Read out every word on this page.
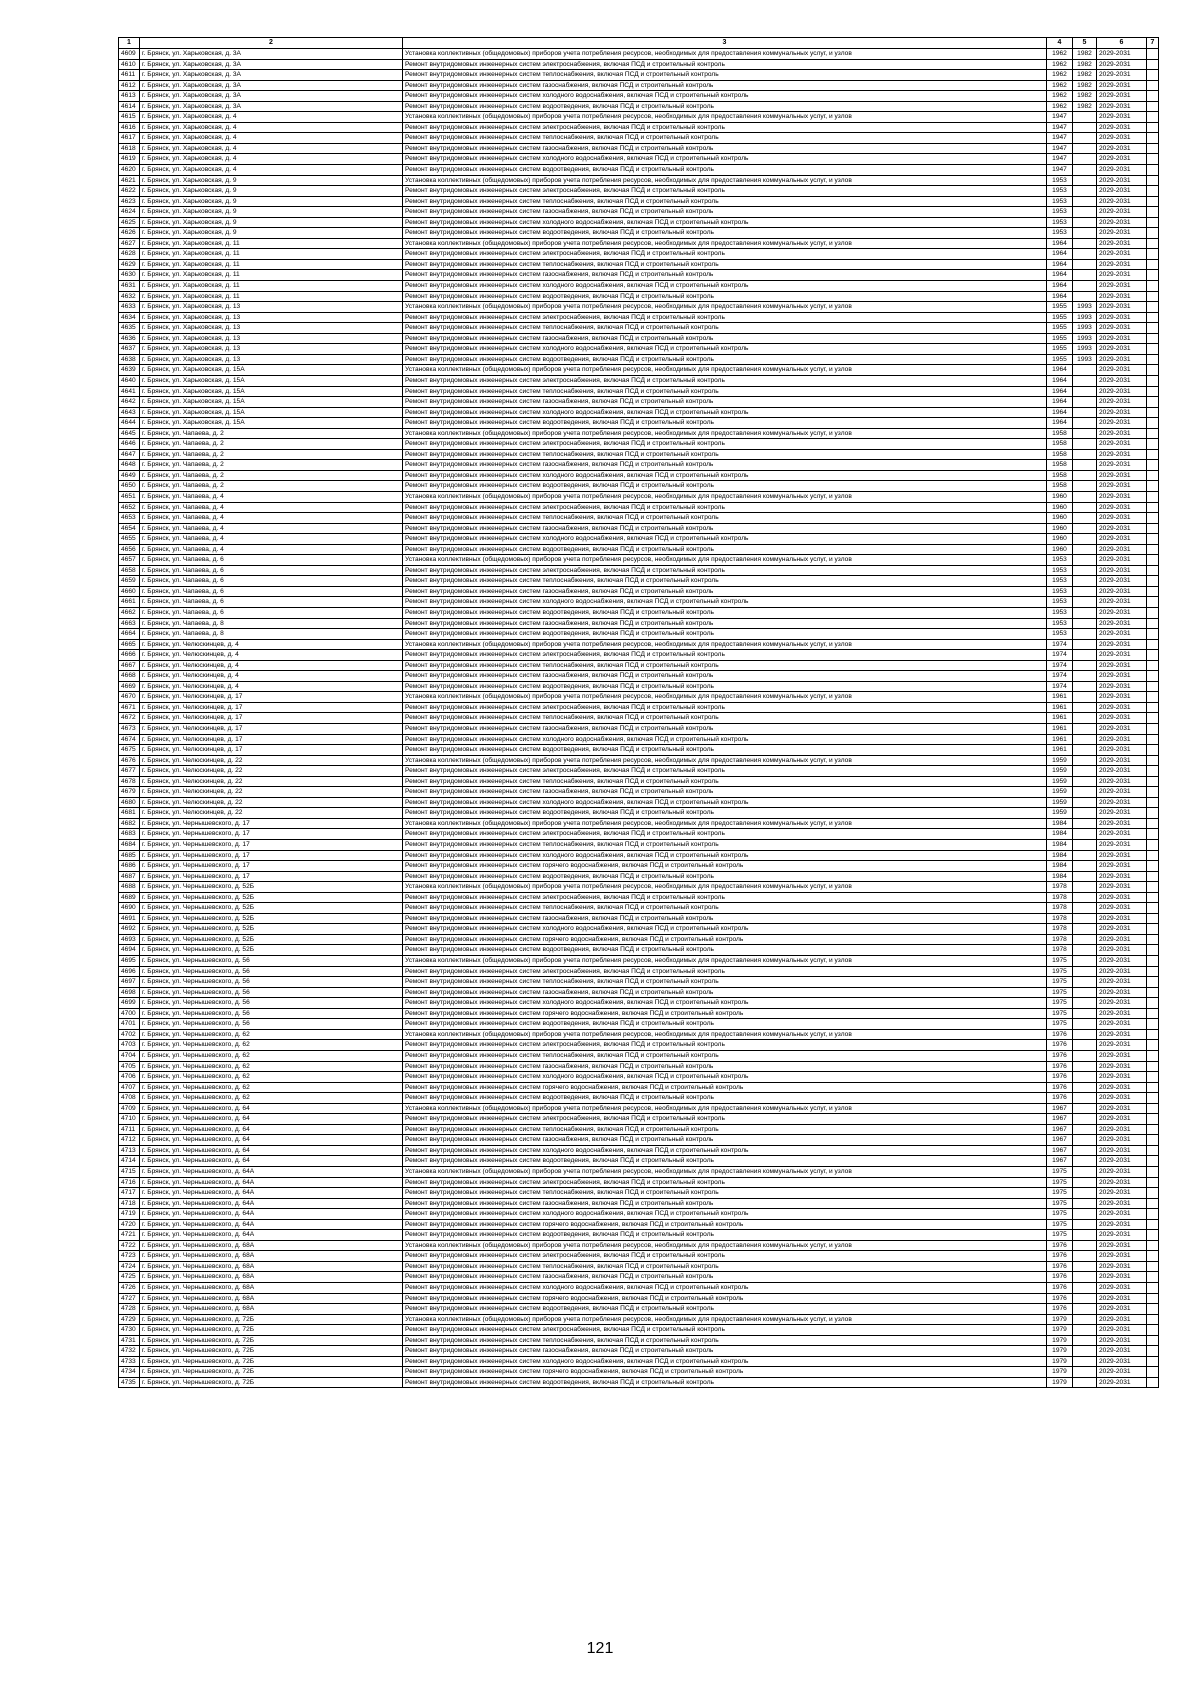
1	2	3	4	5	6	7
4609	г. Брянск, ул. Харьковская, д. 3А	Установка коллективных (общедомовых) приборов учета потребления ресурсов, необходимых для предоставления коммунальных услуг, и узлов	1962	1982	2029-2031	
4610	г. Брянск, ул. Харьковская, д. 3А	Ремонт внутридомовых инженерных систем электроснабжения, включая ПСД и строительный контроль	1962	1982	2029-2031	
4611	г. Брянск, ул. Харьковская, д. 3А	Ремонт внутридомовых инженерных систем теплоснабжения, включая ПСД и строительный контроль	1962	1982	2029-2031	
4612	г. Брянск, ул. Харьковская, д. 3А	Ремонт внутридомовых инженерных систем газоснабжения, включая ПСД и строительный контроль	1962	1982	2029-2031	
4613	г. Брянск, ул. Харьковская, д. 3А	Ремонт внутридомовых инженерных систем холодного водоснабжения, включая ПСД и строительный контроль	1962	1982	2029-2031	
4614	г. Брянск, ул. Харьковская, д. 3А	Ремонт внутридомовых инженерных систем водоотведения, включая ПСД и строительный контроль	1962	1982	2029-2031	
4615	г. Брянск, ул. Харьковская, д. 4	Установка коллективных (общедомовых) приборов учета потребления ресурсов, необходимых для предоставления коммунальных услуг, и узлов	1947		2029-2031	
4616	г. Брянск, ул. Харьковская, д. 4	Ремонт внутридомовых инженерных систем электроснабжения, включая ПСД и строительный контроль	1947		2029-2031	
4617	г. Брянск, ул. Харьковская, д. 4	Ремонт внутридомовых инженерных систем теплоснабжения, включая ПСД и строительный контроль	1947		2029-2031	
4618	г. Брянск, ул. Харьковская, д. 4	Ремонт внутридомовых инженерных систем газоснабжения, включая ПСД и строительный контроль	1947		2029-2031	
4619	г. Брянск, ул. Харьковская, д. 4	Ремонт внутридомовых инженерных систем холодного водоснабжения, включая ПСД и строительный контроль	1947		2029-2031	
4620	г. Брянск, ул. Харьковская, д. 4	Ремонт внутридомовых инженерных систем водоотведения, включая ПСД и строительный контроль	1947		2029-2031	
4621	г. Брянск, ул. Харьковская, д. 9	Установка коллективных (общедомовых) приборов учета потребления ресурсов, необходимых для предоставления коммунальных услуг, и узлов	1953		2029-2031	
4622	г. Брянск, ул. Харьковская, д. 9	Ремонт внутридомовых инженерных систем электроснабжения, включая ПСД и строительный контроль	1953		2029-2031	
4623	г. Брянск, ул. Харьковская, д. 9	Ремонт внутридомовых инженерных систем теплоснабжения, включая ПСД и строительный контроль	1953		2029-2031	
4624	г. Брянск, ул. Харьковская, д. 9	Ремонт внутридомовых инженерных систем газоснабжения, включая ПСД и строительный контроль	1953		2029-2031	
4625	г. Брянск, ул. Харьковская, д. 9	Ремонт внутридомовых инженерных систем холодного водоснабжения, включая ПСД и строительный контроль	1953		2029-2031	
4626	г. Брянск, ул. Харьковская, д. 9	Ремонт внутридомовых инженерных систем водоотведения, включая ПСД и строительный контроль	1953		2029-2031	
4627	г. Брянск, ул. Харьковская, д. 11	Установка коллективных (общедомовых) приборов учета потребления ресурсов, необходимых для предоставления коммунальных услуг, и узлов	1964		2029-2031	
4628	г. Брянск, ул. Харьковская, д. 11	Ремонт внутридомовых инженерных систем электроснабжения, включая ПСД и строительный контроль	1964		2029-2031	
4629	г. Брянск, ул. Харьковская, д. 11	Ремонт внутридомовых инженерных систем теплоснабжения, включая ПСД и строительный контроль	1964		2029-2031	
4630	г. Брянск, ул. Харьковская, д. 11	Ремонт внутридомовых инженерных систем газоснабжения, включая ПСД и строительный контроль	1964		2029-2031	
4631	г. Брянск, ул. Харьковская, д. 11	Ремонт внутридомовых инженерных систем холодного водоснабжения, включая ПСД и строительный контроль	1964		2029-2031	
4632	г. Брянск, ул. Харьковская, д. 11	Ремонт внутридомовых инженерных систем водоотведения, включая ПСД и строительный контроль	1964		2029-2031	
4633	г. Брянск, ул. Харьковская, д. 13	Установка коллективных (общедомовых) приборов учета потребления ресурсов, необходимых для предоставления коммунальных услуг, и узлов	1955	1993	2029-2031	
4634	г. Брянск, ул. Харьковская, д. 13	Ремонт внутридомовых инженерных систем электроснабжения, включая ПСД и строительный контроль	1955	1993	2029-2031	
4635	г. Брянск, ул. Харьковская, д. 13	Ремонт внутридомовых инженерных систем теплоснабжения, включая ПСД и строительный контроль	1955	1993	2029-2031	
4636	г. Брянск, ул. Харьковская, д. 13	Ремонт внутридомовых инженерных систем газоснабжения, включая ПСД и строительный контроль	1955	1993	2029-2031	
4637	г. Брянск, ул. Харьковская, д. 13	Ремонт внутридомовых инженерных систем холодного водоснабжения, включая ПСД и строительный контроль	1955	1993	2029-2031	
4638	г. Брянск, ул. Харьковская, д. 13	Ремонт внутридомовых инженерных систем водоотведения, включая ПСД и строительный контроль	1955	1993	2029-2031	
4639	г. Брянск, ул. Харьковская, д. 15А	Установка коллективных (общедомовых) приборов учета потребления ресурсов, необходимых для предоставления коммунальных услуг, и узлов	1964		2029-2031	
4640	г. Брянск, ул. Харьковская, д. 15А	Ремонт внутридомовых инженерных систем электроснабжения, включая ПСД и строительный контроль	1964		2029-2031	
4641	г. Брянск, ул. Харьковская, д. 15А	Ремонт внутридомовых инженерных систем теплоснабжения, включая ПСД и строительный контроль	1964		2029-2031	
4642	г. Брянск, ул. Харьковская, д. 15А	Ремонт внутридомовых инженерных систем газоснабжения, включая ПСД и строительный контроль	1964		2029-2031	
4643	г. Брянск, ул. Харьковская, д. 15А	Ремонт внутридомовых инженерных систем холодного водоснабжения, включая ПСД и строительный контроль	1964		2029-2031	
4644	г. Брянск, ул. Харьковская, д. 15А	Ремонт внутридомовых инженерных систем водоотведения, включая ПСД и строительный контроль	1964		2029-2031	
4645	г. Брянск, ул. Чапаева, д. 2	Установка коллективных (общедомовых) приборов учета потребления ресурсов, необходимых для предоставления коммунальных услуг, и узлов	1958		2029-2031	
4646	г. Брянск, ул. Чапаева, д. 2	Ремонт внутридомовых инженерных систем электроснабжения, включая ПСД и строительный контроль	1958		2029-2031	
4647	г. Брянск, ул. Чапаева, д. 2	Ремонт внутридомовых инженерных систем теплоснабжения, включая ПСД и строительный контроль	1958		2029-2031	
4648	г. Брянск, ул. Чапаева, д. 2	Ремонт внутридомовых инженерных систем газоснабжения, включая ПСД и строительный контроль	1958		2029-2031	
4649	г. Брянск, ул. Чапаева, д. 2	Ремонт внутридомовых инженерных систем холодного водоснабжения, включая ПСД и строительный контроль	1958		2029-2031	
4650	г. Брянск, ул. Чапаева, д. 2	Ремонт внутридомовых инженерных систем водоотведения, включая ПСД и строительный контроль	1958		2029-2031	
4651	г. Брянск, ул. Чапаева, д. 4	Установка коллективных (общедомовых) приборов учета потребления ресурсов, необходимых для предоставления коммунальных услуг, и узлов	1960		2029-2031	
4652	г. Брянск, ул. Чапаева, д. 4	Ремонт внутридомовых инженерных систем электроснабжения, включая ПСД и строительный контроль	1960		2029-2031	
4653	г. Брянск, ул. Чапаева, д. 4	Ремонт внутридомовых инженерных систем теплоснабжения, включая ПСД и строительный контроль	1960		2029-2031	
4654	г. Брянск, ул. Чапаева, д. 4	Ремонт внутридомовых инженерных систем газоснабжения, включая ПСД и строительный контроль	1960		2029-2031	
4655	г. Брянск, ул. Чапаева, д. 4	Ремонт внутридомовых инженерных систем холодного водоснабжения, включая ПСД и строительный контроль	1960		2029-2031	
4656	г. Брянск, ул. Чапаева, д. 4	Ремонт внутридомовых инженерных систем водоотведения, включая ПСД и строительный контроль	1960		2029-2031	
4657	г. Брянск, ул. Чапаева, д. 6	Установка коллективных (общедомовых) приборов учета потребления ресурсов, необходимых для предоставления коммунальных услуг, и узлов	1953		2029-2031	
4658	г. Брянск, ул. Чапаева, д. 6	Ремонт внутридомовых инженерных систем электроснабжения, включая ПСД и строительный контроль	1953		2029-2031	
4659	г. Брянск, ул. Чапаева, д. 6	Ремонт внутридомовых инженерных систем теплоснабжения, включая ПСД и строительный контроль	1953		2029-2031	
4660	г. Брянск, ул. Чапаева, д. 6	Ремонт внутридомовых инженерных систем газоснабжения, включая ПСД и строительный контроль	1953		2029-2031	
4661	г. Брянск, ул. Чапаева, д. 6	Ремонт внутридомовых инженерных систем холодного водоснабжения, включая ПСД и строительный контроль	1953		2029-2031	
4662	г. Брянск, ул. Чапаева, д. 6	Ремонт внутридомовых инженерных систем водоотведения, включая ПСД и строительный контроль	1953		2029-2031	
4663	г. Брянск, ул. Чапаева, д. 8	Ремонт внутридомовых инженерных систем газоснабжения, включая ПСД и строительный контроль	1953		2029-2031	
4664	г. Брянск, ул. Чапаева, д. 8	Ремонт внутридомовых инженерных систем водоотведения, включая ПСД и строительный контроль	1953		2029-2031	
4665	г. Брянск, ул. Челюскинцев, д. 4	Установка коллективных (общедомовых) приборов учета потребления ресурсов, необходимых для предоставления коммунальных услуг, и узлов	1974		2029-2031	
4666	г. Брянск, ул. Челюскинцев, д. 4	Ремонт внутридомовых инженерных систем электроснабжения, включая ПСД и строительный контроль	1974		2029-2031	
4667	г. Брянск, ул. Челюскинцев, д. 4	Ремонт внутридомовых инженерных систем теплоснабжения, включая ПСД и строительный контроль	1974		2029-2031	
4668	г. Брянск, ул. Челюскинцев, д. 4	Ремонт внутридомовых инженерных систем газоснабжения, включая ПСД и строительный контроль	1974		2029-2031	
4669	г. Брянск, ул. Челюскинцев, д. 4	Ремонт внутридомовых инженерных систем водоотведения, включая ПСД и строительный контроль	1974		2029-2031	
4670	г. Брянск, ул. Челюскинцев, д. 17	Установка коллективных (общедомовых) приборов учета потребления ресурсов, необходимых для предоставления коммунальных услуг, и узлов	1961		2029-2031	
4671	г. Брянск, ул. Челюскинцев, д. 17	Ремонт внутридомовых инженерных систем электроснабжения, включая ПСД и строительный контроль	1961		2029-2031	
4672	г. Брянск, ул. Челюскинцев, д. 17	Ремонт внутридомовых инженерных систем теплоснабжения, включая ПСД и строительный контроль	1961		2029-2031	
4673	г. Брянск, ул. Челюскинцев, д. 17	Ремонт внутридомовых инженерных систем газоснабжения, включая ПСД и строительный контроль	1961		2029-2031	
4674	г. Брянск, ул. Челюскинцев, д. 17	Ремонт внутридомовых инженерных систем холодного водоснабжения, включая ПСД и строительный контроль	1961		2029-2031	
4675	г. Брянск, ул. Челюскинцев, д. 17	Ремонт внутридомовых инженерных систем водоотведения, включая ПСД и строительный контроль	1961		2029-2031	
4676	г. Брянск, ул. Челюскинцев, д. 22	Установка коллективных (общедомовых) приборов учета потребления ресурсов, необходимых для предоставления коммунальных услуг, и узлов	1959		2029-2031	
4677	г. Брянск, ул. Челюскинцев, д. 22	Ремонт внутридомовых инженерных систем электроснабжения, включая ПСД и строительный контроль	1959		2029-2031	
4678	г. Брянск, ул. Челюскинцев, д. 22	Ремонт внутридомовых инженерных систем теплоснабжения, включая ПСД и строительный контроль	1959		2029-2031	
4679	г. Брянск, ул. Челюскинцев, д. 22	Ремонт внутридомовых инженерных систем газоснабжения, включая ПСД и строительный контроль	1959		2029-2031	
4680	г. Брянск, ул. Челюскинцев, д. 22	Ремонт внутридомовых инженерных систем холодного водоснабжения, включая ПСД и строительный контроль	1959		2029-2031	
4681	г. Брянск, ул. Челюскинцев, д. 22	Ремонт внутридомовых инженерных систем водоотведения, включая ПСД и строительный контроль	1959		2029-2031	
4682	г. Брянск, ул. Чернышевского, д. 17	Установка коллективных (общедомовых) приборов учета потребления ресурсов, необходимых для предоставления коммунальных услуг, и узлов	1984		2029-2031	
4683	г. Брянск, ул. Чернышевского, д. 17	Ремонт внутридомовых инженерных систем электроснабжения, включая ПСД и строительный контроль	1984		2029-2031	
4684	г. Брянск, ул. Чернышевского, д. 17	Ремонт внутридомовых инженерных систем теплоснабжения, включая ПСД и строительный контроль	1984		2029-2031	
4685	г. Брянск, ул. Чернышевского, д. 17	Ремонт внутридомовых инженерных систем холодного водоснабжения, включая ПСД и строительный контроль	1984		2029-2031	
4686	г. Брянск, ул. Чернышевского, д. 17	Ремонт внутридомовых инженерных систем горячего водоснабжения, включая ПСД и строительный контроль	1984		2029-2031	
4687	г. Брянск, ул. Чернышевского, д. 17	Ремонт внутридомовых инженерных систем водоотведения, включая ПСД и строительный контроль	1984		2029-2031	
4688	г. Брянск, ул. Чернышевского, д. 52Б	Установка коллективных (общедомовых) приборов учета потребления ресурсов, необходимых для предоставления коммунальных услуг, и узлов	1978		2029-2031	
4689	г. Брянск, ул. Чернышевского, д. 52Б	Ремонт внутридомовых инженерных систем электроснабжения, включая ПСД и строительный контроль	1978		2029-2031	
4690	г. Брянск, ул. Чернышевского, д. 52Б	Ремонт внутридомовых инженерных систем теплоснабжения, включая ПСД и строительный контроль	1978		2029-2031	
4691	г. Брянск, ул. Чернышевского, д. 52Б	Ремонт внутридомовых инженерных систем газоснабжения, включая ПСД и строительный контроль	1978		2029-2031	
4692	г. Брянск, ул. Чернышевского, д. 52Б	Ремонт внутридомовых инженерных систем холодного водоснабжения, включая ПСД и строительный контроль	1978		2029-2031	
4693	г. Брянск, ул. Чернышевского, д. 52Б	Ремонт внутридомовых инженерных систем горячего водоснабжения, включая ПСД и строительный контроль	1978		2029-2031	
4694	г. Брянск, ул. Чернышевского, д. 52Б	Ремонт внутридомовых инженерных систем водоотведения, включая ПСД и строительный контроль	1978		2029-2031	
4695	г. Брянск, ул. Чернышевского, д. 56	Установка коллективных (общедомовых) приборов учета потребления ресурсов, необходимых для предоставления коммунальных услуг, и узлов	1975		2029-2031	
4696	г. Брянск, ул. Чернышевского, д. 56	Ремонт внутридомовых инженерных систем электроснабжения, включая ПСД и строительный контроль	1975		2029-2031	
4697	г. Брянск, ул. Чернышевского, д. 56	Ремонт внутридомовых инженерных систем теплоснабжения, включая ПСД и строительный контроль	1975		2029-2031	
4698	г. Брянск, ул. Чернышевского, д. 56	Ремонт внутридомовых инженерных систем газоснабжения, включая ПСД и строительный контроль	1975		2029-2031	
4699	г. Брянск, ул. Чернышевского, д. 56	Ремонт внутридомовых инженерных систем холодного водоснабжения, включая ПСД и строительный контроль	1975		2029-2031	
4700	г. Брянск, ул. Чернышевского, д. 56	Ремонт внутридомовых инженерных систем горячего водоснабжения, включая ПСД и строительный контроль	1975		2029-2031	
4701	г. Брянск, ул. Чернышевского, д. 56	Ремонт внутридомовых инженерных систем водоотведения, включая ПСД и строительный контроль	1975		2029-2031	
4702	г. Брянск, ул. Чернышевского, д. 62	Установка коллективных (общедомовых) приборов учета потребления ресурсов, необходимых для предоставления коммунальных услуг, и узлов	1976		2029-2031	
4703	г. Брянск, ул. Чернышевского, д. 62	Ремонт внутридомовых инженерных систем электроснабжения, включая ПСД и строительный контроль	1976		2029-2031	
4704	г. Брянск, ул. Чернышевского, д. 62	Ремонт внутридомовых инженерных систем теплоснабжения, включая ПСД и строительный контроль	1976		2029-2031	
4705	г. Брянск, ул. Чернышевского, д. 62	Ремонт внутридомовых инженерных систем газоснабжения, включая ПСД и строительный контроль	1976		2029-2031	
4706	г. Брянск, ул. Чернышевского, д. 62	Ремонт внутридомовых инженерных систем холодного водоснабжения, включая ПСД и строительный контроль	1976		2029-2031	
4707	г. Брянск, ул. Чернышевского, д. 62	Ремонт внутридомовых инженерных систем горячего водоснабжения, включая ПСД и строительный контроль	1976		2029-2031	
4708	г. Брянск, ул. Чернышевского, д. 62	Ремонт внутридомовых инженерных систем водоотведения, включая ПСД и строительный контроль	1976		2029-2031	
4709	г. Брянск, ул. Чернышевского, д. 64	Установка коллективных (общедомовых) приборов учета потребления ресурсов, необходимых для предоставления коммунальных услуг, и узлов	1967		2029-2031	
4710	г. Брянск, ул. Чернышевского, д. 64	Ремонт внутридомовых инженерных систем электроснабжения, включая ПСД и строительный контроль	1967		2029-2031	
4711	г. Брянск, ул. Чернышевского, д. 64	Ремонт внутридомовых инженерных систем теплоснабжения, включая ПСД и строительный контроль	1967		2029-2031	
4712	г. Брянск, ул. Чернышевского, д. 64	Ремонт внутридомовых инженерных систем газоснабжения, включая ПСД и строительный контроль	1967		2029-2031	
4713	г. Брянск, ул. Чернышевского, д. 64	Ремонт внутридомовых инженерных систем холодного водоснабжения, включая ПСД и строительный контроль	1967		2029-2031	
4714	г. Брянск, ул. Чернышевского, д. 64	Ремонт внутридомовых инженерных систем водоотведения, включая ПСД и строительный контроль	1967		2029-2031	
4715	г. Брянск, ул. Чернышевского, д. 64А	Установка коллективных (общедомовых) приборов учета потребления ресурсов, необходимых для предоставления коммунальных услуг, и узлов	1975		2029-2031	
4716	г. Брянск, ул. Чернышевского, д. 64А	Ремонт внутридомовых инженерных систем электроснабжения, включая ПСД и строительный контроль	1975		2029-2031	
4717	г. Брянск, ул. Чернышевского, д. 64А	Ремонт внутридомовых инженерных систем теплоснабжения, включая ПСД и строительный контроль	1975		2029-2031	
4718	г. Брянск, ул. Чернышевского, д. 64А	Ремонт внутридомовых инженерных систем газоснабжения, включая ПСД и строительный контроль	1975		2029-2031	
4719	г. Брянск, ул. Чернышевского, д. 64А	Ремонт внутридомовых инженерных систем холодного водоснабжения, включая ПСД и строительный контроль	1975		2029-2031	
4720	г. Брянск, ул. Чернышевского, д. 64А	Ремонт внутридомовых инженерных систем горячего водоснабжения, включая ПСД и строительный контроль	1975		2029-2031	
4721	г. Брянск, ул. Чернышевского, д. 64А	Ремонт внутридомовых инженерных систем водоотведения, включая ПСД и строительный контроль	1975		2029-2031	
4722	г. Брянск, ул. Чернышевского, д. 68А	Установка коллективных (общедомовых) приборов учета потребления ресурсов, необходимых для предоставления коммунальных услуг, и узлов	1976		2029-2031	
4723	г. Брянск, ул. Чернышевского, д. 68А	Ремонт внутридомовых инженерных систем электроснабжения, включая ПСД и строительный контроль	1976		2029-2031	
4724	г. Брянск, ул. Чернышевского, д. 68А	Ремонт внутридомовых инженерных систем теплоснабжения, включая ПСД и строительный контроль	1976		2029-2031	
4725	г. Брянск, ул. Чернышевского, д. 68А	Ремонт внутридомовых инженерных систем газоснабжения, включая ПСД и строительный контроль	1976		2029-2031	
4726	г. Брянск, ул. Чернышевского, д. 68А	Ремонт внутридомовых инженерных систем холодного водоснабжения, включая ПСД и строительный контроль	1976		2029-2031	
4727	г. Брянск, ул. Чернышевского, д. 68А	Ремонт внутридомовых инженерных систем горячего водоснабжения, включая ПСД и строительный контроль	1976		2029-2031	
4728	г. Брянск, ул. Чернышевского, д. 68А	Ремонт внутридомовых инженерных систем водоотведения, включая ПСД и строительный контроль	1976		2029-2031	
4729	г. Брянск, ул. Чернышевского, д. 72Б	Установка коллективных (общедомовых) приборов учета потребления ресурсов, необходимых для предоставления коммунальных услуг, и узлов	1979		2029-2031	
4730	г. Брянск, ул. Чернышевского, д. 72Б	Ремонт внутридомовых инженерных систем электроснабжения, включая ПСД и строительный контроль	1979		2029-2031	
4731	г. Брянск, ул. Чернышевского, д. 72Б	Ремонт внутридомовых инженерных систем теплоснабжения, включая ПСД и строительный контроль	1979		2029-2031	
4732	г. Брянск, ул. Чернышевского, д. 72Б	Ремонт внутридомовых инженерных систем газоснабжения, включая ПСД и строительный контроль	1979		2029-2031	
4733	г. Брянск, ул. Чернышевского, д. 72Б	Ремонт внутридомовых инженерных систем холодного водоснабжения, включая ПСД и строительный контроль	1979		2029-2031	
4734	г. Брянск, ул. Чернышевского, д. 72Б	Ремонт внутридомовых инженерных систем горячего водоснабжения, включая ПСД и строительный контроль	1979		2029-2031	
4735	г. Брянск, ул. Чернышевского, д. 72Б	Ремонт внутридомовых инженерных систем водоотведения, включая ПСД и строительный контроль	1979		2029-2031	
121
